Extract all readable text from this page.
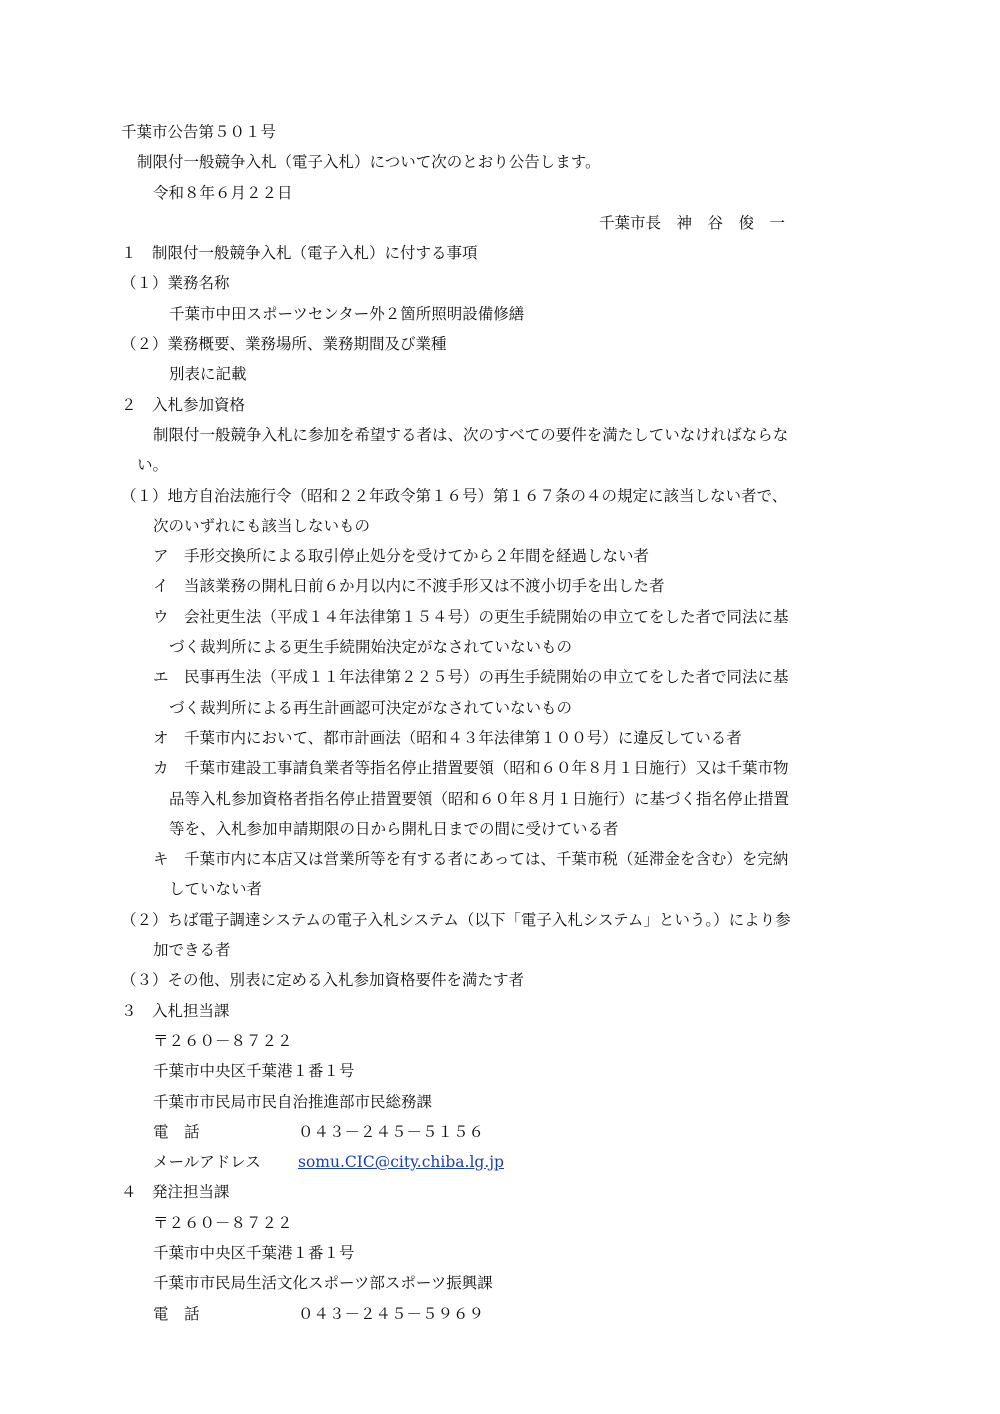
千葉市公告第５０１号
制限付一般競争入札（電子入札）について次のとおり公告します。
令和８年６月２２日
千葉市長　神　谷　俊　一
１　制限付一般競争入札（電子入札）に付する事項
（１）業務名称
千葉市中田スポーツセンター外２箇所照明設備修繕
（２）業務概要、業務場所、業務期間及び業種
別表に記載
２　入札参加資格
制限付一般競争入札に参加を希望する者は、次のすべての要件を満たしていなければならな
い。
（１）地方自治法施行令（昭和２２年政令第１６号）第１６７条の４の規定に該当しない者で、
次のいずれにも該当しないもの
ア　手形交換所による取引停止処分を受けてから２年間を経過しない者
イ　当該業務の開札日前６か月以内に不渡手形又は不渡小切手を出した者
ウ　会社更生法（平成１４年法律第１５４号）の更生手続開始の申立てをした者で同法に基
づく裁判所による更生手続開始決定がなされていないもの
エ　民事再生法（平成１１年法律第２２５号）の再生手続開始の申立てをした者で同法に基
づく裁判所による再生計画認可決定がなされていないもの
オ　千葉市内において、都市計画法（昭和４３年法律第１００号）に違反している者
カ　千葉市建設工事請負業者等指名停止措置要領（昭和６０年８月１日施行）又は千葉市物
品等入札参加資格者指名停止措置要領（昭和６０年８月１日施行）に基づく指名停止措置
等を、入札参加申請期限の日から開札日までの間に受けている者
キ　千葉市内に本店又は営業所等を有する者にあっては、千葉市税（延滞金を含む）を完納
していない者
（２）ちば電子調達システムの電子入札システム（以下「電子入札システム」という。）により参
加できる者
（３）その他、別表に定める入札参加資格要件を満たす者
３　入札担当課
〒２６０－８７２２
千葉市中央区千葉港１番１号
千葉市市民局市民自治推進部市民総務課
電　話	０４３－２４５－５１５６
メールアドレス somu.CIC@city.chiba.lg.jp
４　発注担当課
〒２６０－８７２２
千葉市中央区千葉港１番１号
千葉市市民局生活文化スポーツ部スポーツ振興課
電　話	０４３－２４５－５９６９
